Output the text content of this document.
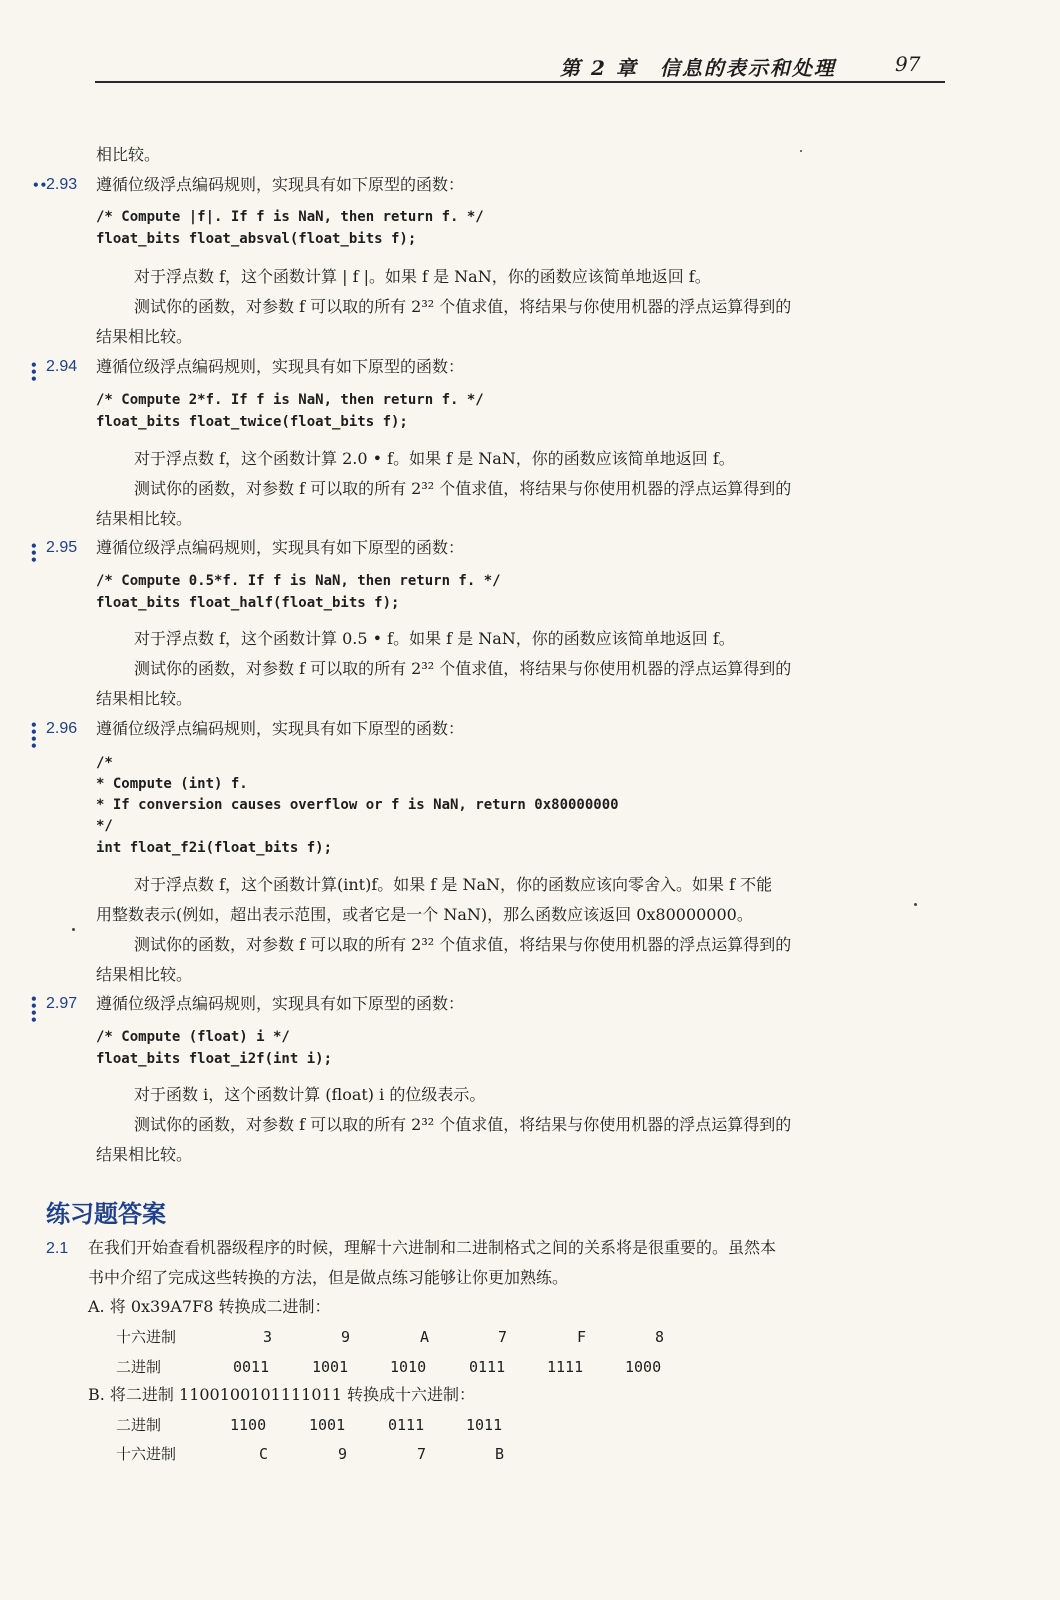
第 2 章　信息的表示和处理	97
相比较。
••
2.93 遵循位级浮点编码规则，实现具有如下原型的函数：
/* Compute |f|. If f is NaN, then return f. */
float_bits float_absval(float_bits f);
对于浮点数 f，这个函数计算 | f |。如果 f 是 NaN，你的函数应该简单地返回 f。
测试你的函数，对参数 f 可以取的所有 2³² 个值求值，将结果与你使用机器的浮点运算得到的
结果相比较。
•••
2.94 遵循位级浮点编码规则，实现具有如下原型的函数：
/* Compute 2*f. If f is NaN, then return f. */
float_bits float_twice(float_bits f);
对于浮点数 f，这个函数计算 2.0 • f。如果 f 是 NaN，你的函数应该简单地返回 f。
测试你的函数，对参数 f 可以取的所有 2³² 个值求值，将结果与你使用机器的浮点运算得到的
结果相比较。
•••
2.95 遵循位级浮点编码规则，实现具有如下原型的函数：
/* Compute 0.5*f. If f is NaN, then return f. */
float_bits float_half(float_bits f);
对于浮点数 f，这个函数计算 0.5 • f。如果 f 是 NaN，你的函数应该简单地返回 f。
测试你的函数，对参数 f 可以取的所有 2³² 个值求值，将结果与你使用机器的浮点运算得到的
结果相比较。
••••
2.96 遵循位级浮点编码规则，实现具有如下原型的函数：
/*
* Compute (int) f.
* If conversion causes overflow or f is NaN, return 0x80000000
*/
int float_f2i(float_bits f);
对于浮点数 f，这个函数计算(int)f。如果 f 是 NaN，你的函数应该向零舍入。如果 f 不能
用整数表示(例如，超出表示范围，或者它是一个 NaN)，那么函数应该返回 0x80000000。
测试你的函数，对参数 f 可以取的所有 2³² 个值求值，将结果与你使用机器的浮点运算得到的
结果相比较。
••••
2.97 遵循位级浮点编码规则，实现具有如下原型的函数：
/* Compute (float) i */
float_bits float_i2f(int i);
对于函数 i，这个函数计算 (float) i 的位级表示。
测试你的函数，对参数 f 可以取的所有 2³² 个值求值，将结果与你使用机器的浮点运算得到的
结果相比较。
练习题答案
2.1 在我们开始查看机器级程序的时候，理解十六进制和二进制格式之间的关系将是很重要的。虽然本
书中介绍了完成这些转换的方法，但是做点练习能够让你更加熟练。
A. 将 0x39A7F8 转换成二进制：
十六进制	3	9	A	7	F	8
二进制	0011	1001	1010	0111	1111	1000
B. 将二进制 1100100101111011 转换成十六进制：
二进制	1100	1001	0111	1011
十六进制	C	9	7	B
